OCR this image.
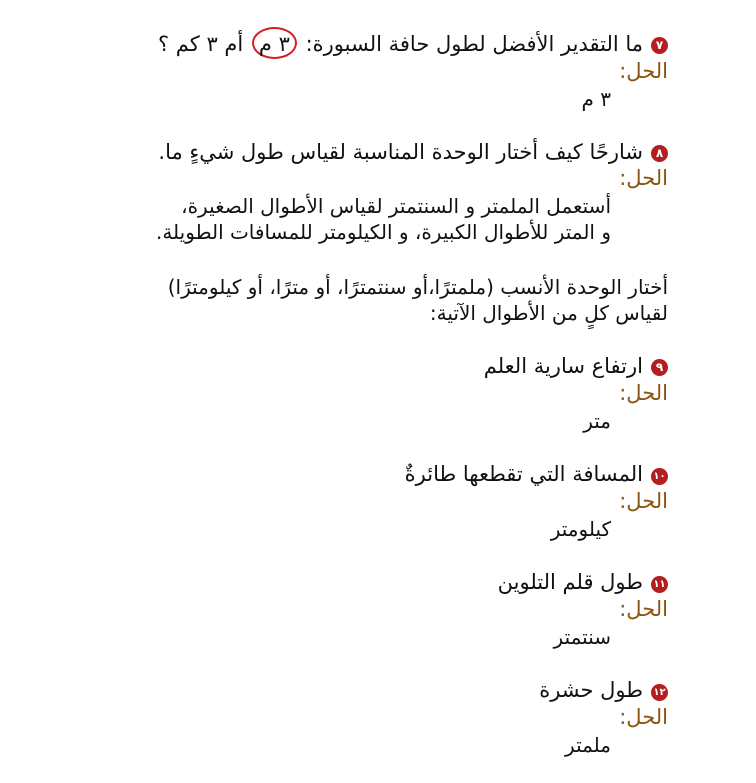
٧ما التقدير الأفضل لطول حافة السبورة: ٣ م أم ٣ كم ؟
الحل:
٣ م
٨شارحًا كيف أختار الوحدة المناسبة لقياس طول شيءٍ ما.
الحل:
أستعمل الملمتر و السنتمتر لقياس الأطوال الصغيرة،
و المتر للأطوال الكبيرة، و الكيلومتر للمسافات الطويلة.
أختار الوحدة الأنسب (ملمترًا،أو سنتمترًا، أو مترًا، أو كيلومترًا)
لقياس كلٍ من الأطوال الآتية:
٩ارتفاع سارية العلم
الحل:
متر
١٠المسافة التي تقطعها طائرةٌ
الحل:
كيلومتر
١١طول قلم التلوين
الحل:
سنتمتر
١٢طول حشرة
الحل:
ملمتر
